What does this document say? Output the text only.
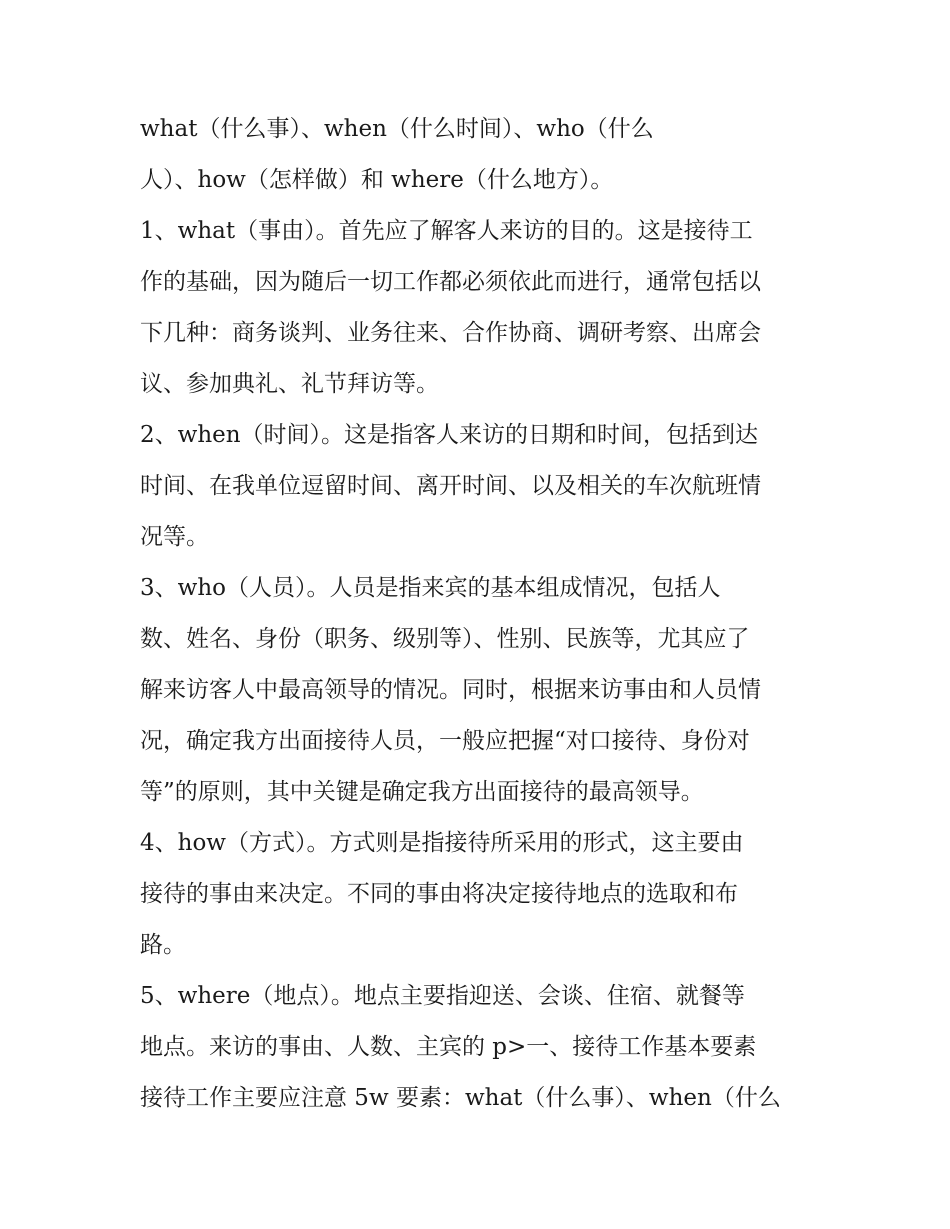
what（什么事）、when（什么时间）、who（什么
人）、how（怎样做）和 where（什么地方）。
1、what（事由）。首先应了解客人来访的目的。这是接待工
作的基础，因为随后一切工作都必须依此而进行，通常包括以
下几种：商务谈判、业务往来、合作协商、调研考察、出席会
议、参加典礼、礼节拜访等。
2、when（时间）。这是指客人来访的日期和时间，包括到达
时间、在我单位逗留时间、离开时间、以及相关的车次航班情
况等。
3、who（人员）。人员是指来宾的基本组成情况，包括人
数、姓名、身份（职务、级别等）、性别、民族等，尤其应了
解来访客人中最高领导的情况。同时，根据来访事由和人员情
况，确定我方出面接待人员，一般应把握“对口接待、身份对
等”的原则，其中关键是确定我方出面接待的最高领导。
4、how（方式）。方式则是指接待所采用的形式，这主要由
接待的事由来决定。不同的事由将决定接待地点的选取和布
路。
5、where（地点）。地点主要指迎送、会谈、住宿、就餐等
地点。来访的事由、人数、主宾的 p>一、接待工作基本要素
接待工作主要应注意 5w 要素：what（什么事）、when（什么
